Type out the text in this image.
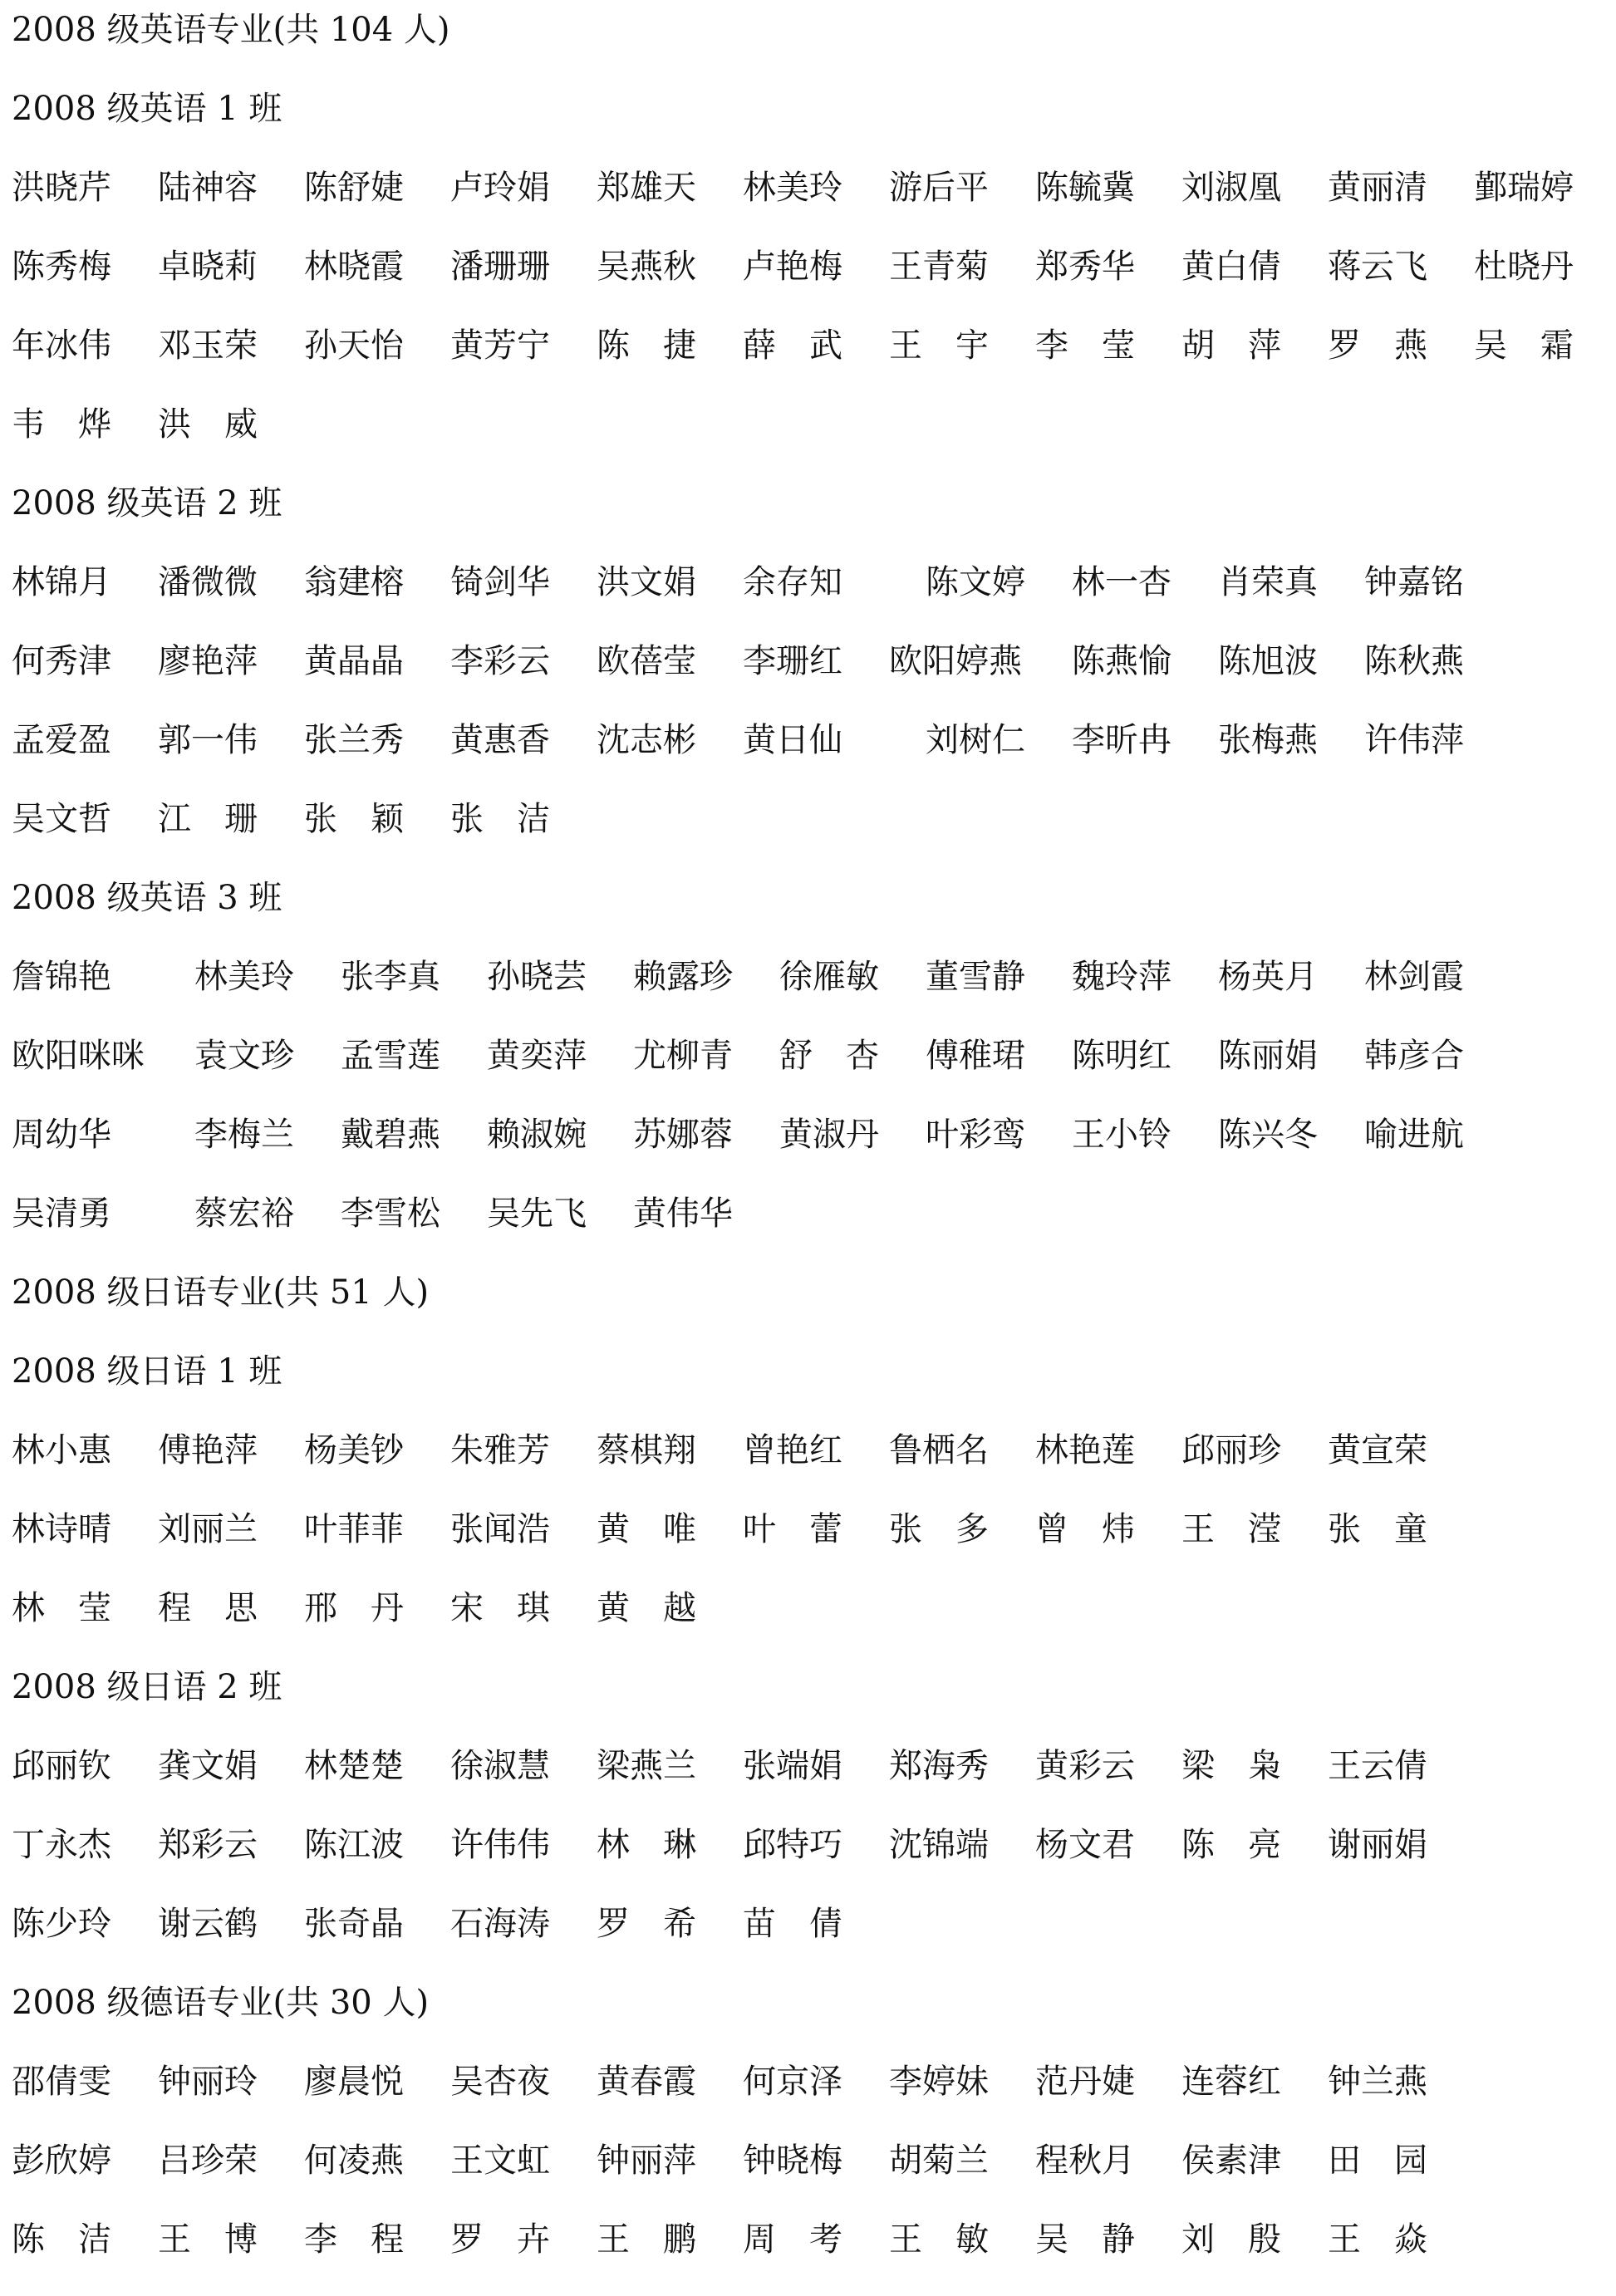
2008 级英语专业(共 104 人)
2008 级英语 1 班
洪晓芹 陆神容 陈舒婕 卢玲娟 郑雄天 林美玲 游后平 陈毓冀 刘淑凰 黄丽清 鄞瑞婷
陈秀梅 卓晓莉 林晓霞 潘珊珊 吴燕秋 卢艳梅 王青菊 郑秀华 黄白倩 蒋云飞 杜晓丹
年冰伟 邓玉荣 孙天怡 黄芳宁 陈　捷 薛　武 王　宇 李　莹 胡　萍 罗　燕 吴　霜
韦　烨 洪　威
2008 级英语 2 班
林锦月 潘微微 翁建榕 锜剑华 洪文娟 余存知	陈文婷 林一杏 肖荣真 钟嘉铭
何秀津 廖艳萍 黄晶晶 李彩云 欧蓓莹 李珊红 欧阳婷燕 陈燕愉 陈旭波 陈秋燕
孟爱盈 郭一伟 张兰秀 黄惠香 沈志彬 黄日仙	刘树仁 李昕冉 张梅燕 许伟萍
吴文哲 江　珊 张　颖 张　洁
2008 级英语 3 班
詹锦艳	林美玲 张李真 孙晓芸 赖露珍 徐雁敏 董雪静 魏玲萍 杨英月 林剑霞
欧阳咪咪 袁文珍 孟雪莲 黄奕萍 尤柳青 舒　杏 傅稚珺 陈明红 陈丽娟 韩彦合
周幼华	李梅兰 戴碧燕 赖淑婉 苏娜蓉 黄淑丹 叶彩鸾 王小铃 陈兴冬 喻进航
吴清勇	蔡宏裕 李雪松 吴先飞 黄伟华
2008 级日语专业(共 51 人)
2008 级日语 1 班
林小惠 傅艳萍 杨美钞 朱雅芳 蔡棋翔 曾艳红 鲁栖名 林艳莲 邱丽珍 黄宣荣
林诗晴 刘丽兰 叶菲菲 张闻浩 黄　唯 叶　蕾 张　多 曾　炜 王　滢 张　童
林　莹 程　思 邢　丹 宋　琪 黄　越
2008 级日语 2 班
邱丽钦 龚文娟 林楚楚 徐淑慧 梁燕兰 张端娟 郑海秀 黄彩云 梁　枭 王云倩
丁永杰 郑彩云 陈江波 许伟伟 林　琳 邱特巧 沈锦端 杨文君 陈　亮 谢丽娟
陈少玲 谢云鹤 张奇晶 石海涛 罗　希 苗　倩
2008 级德语专业(共 30 人)
邵倩雯 钟丽玲 廖晨悦 吴杏夜 黄春霞 何京泽 李婷妹 范丹婕 连蓉红 钟兰燕
彭欣婷 吕珍荣 何凌燕 王文虹 钟丽萍 钟晓梅 胡菊兰 程秋月 侯素津 田　园
陈　洁 王　博 李　程 罗　卉 王　鹏 周　考 王　敏 吴　静 刘　殷 王　焱
